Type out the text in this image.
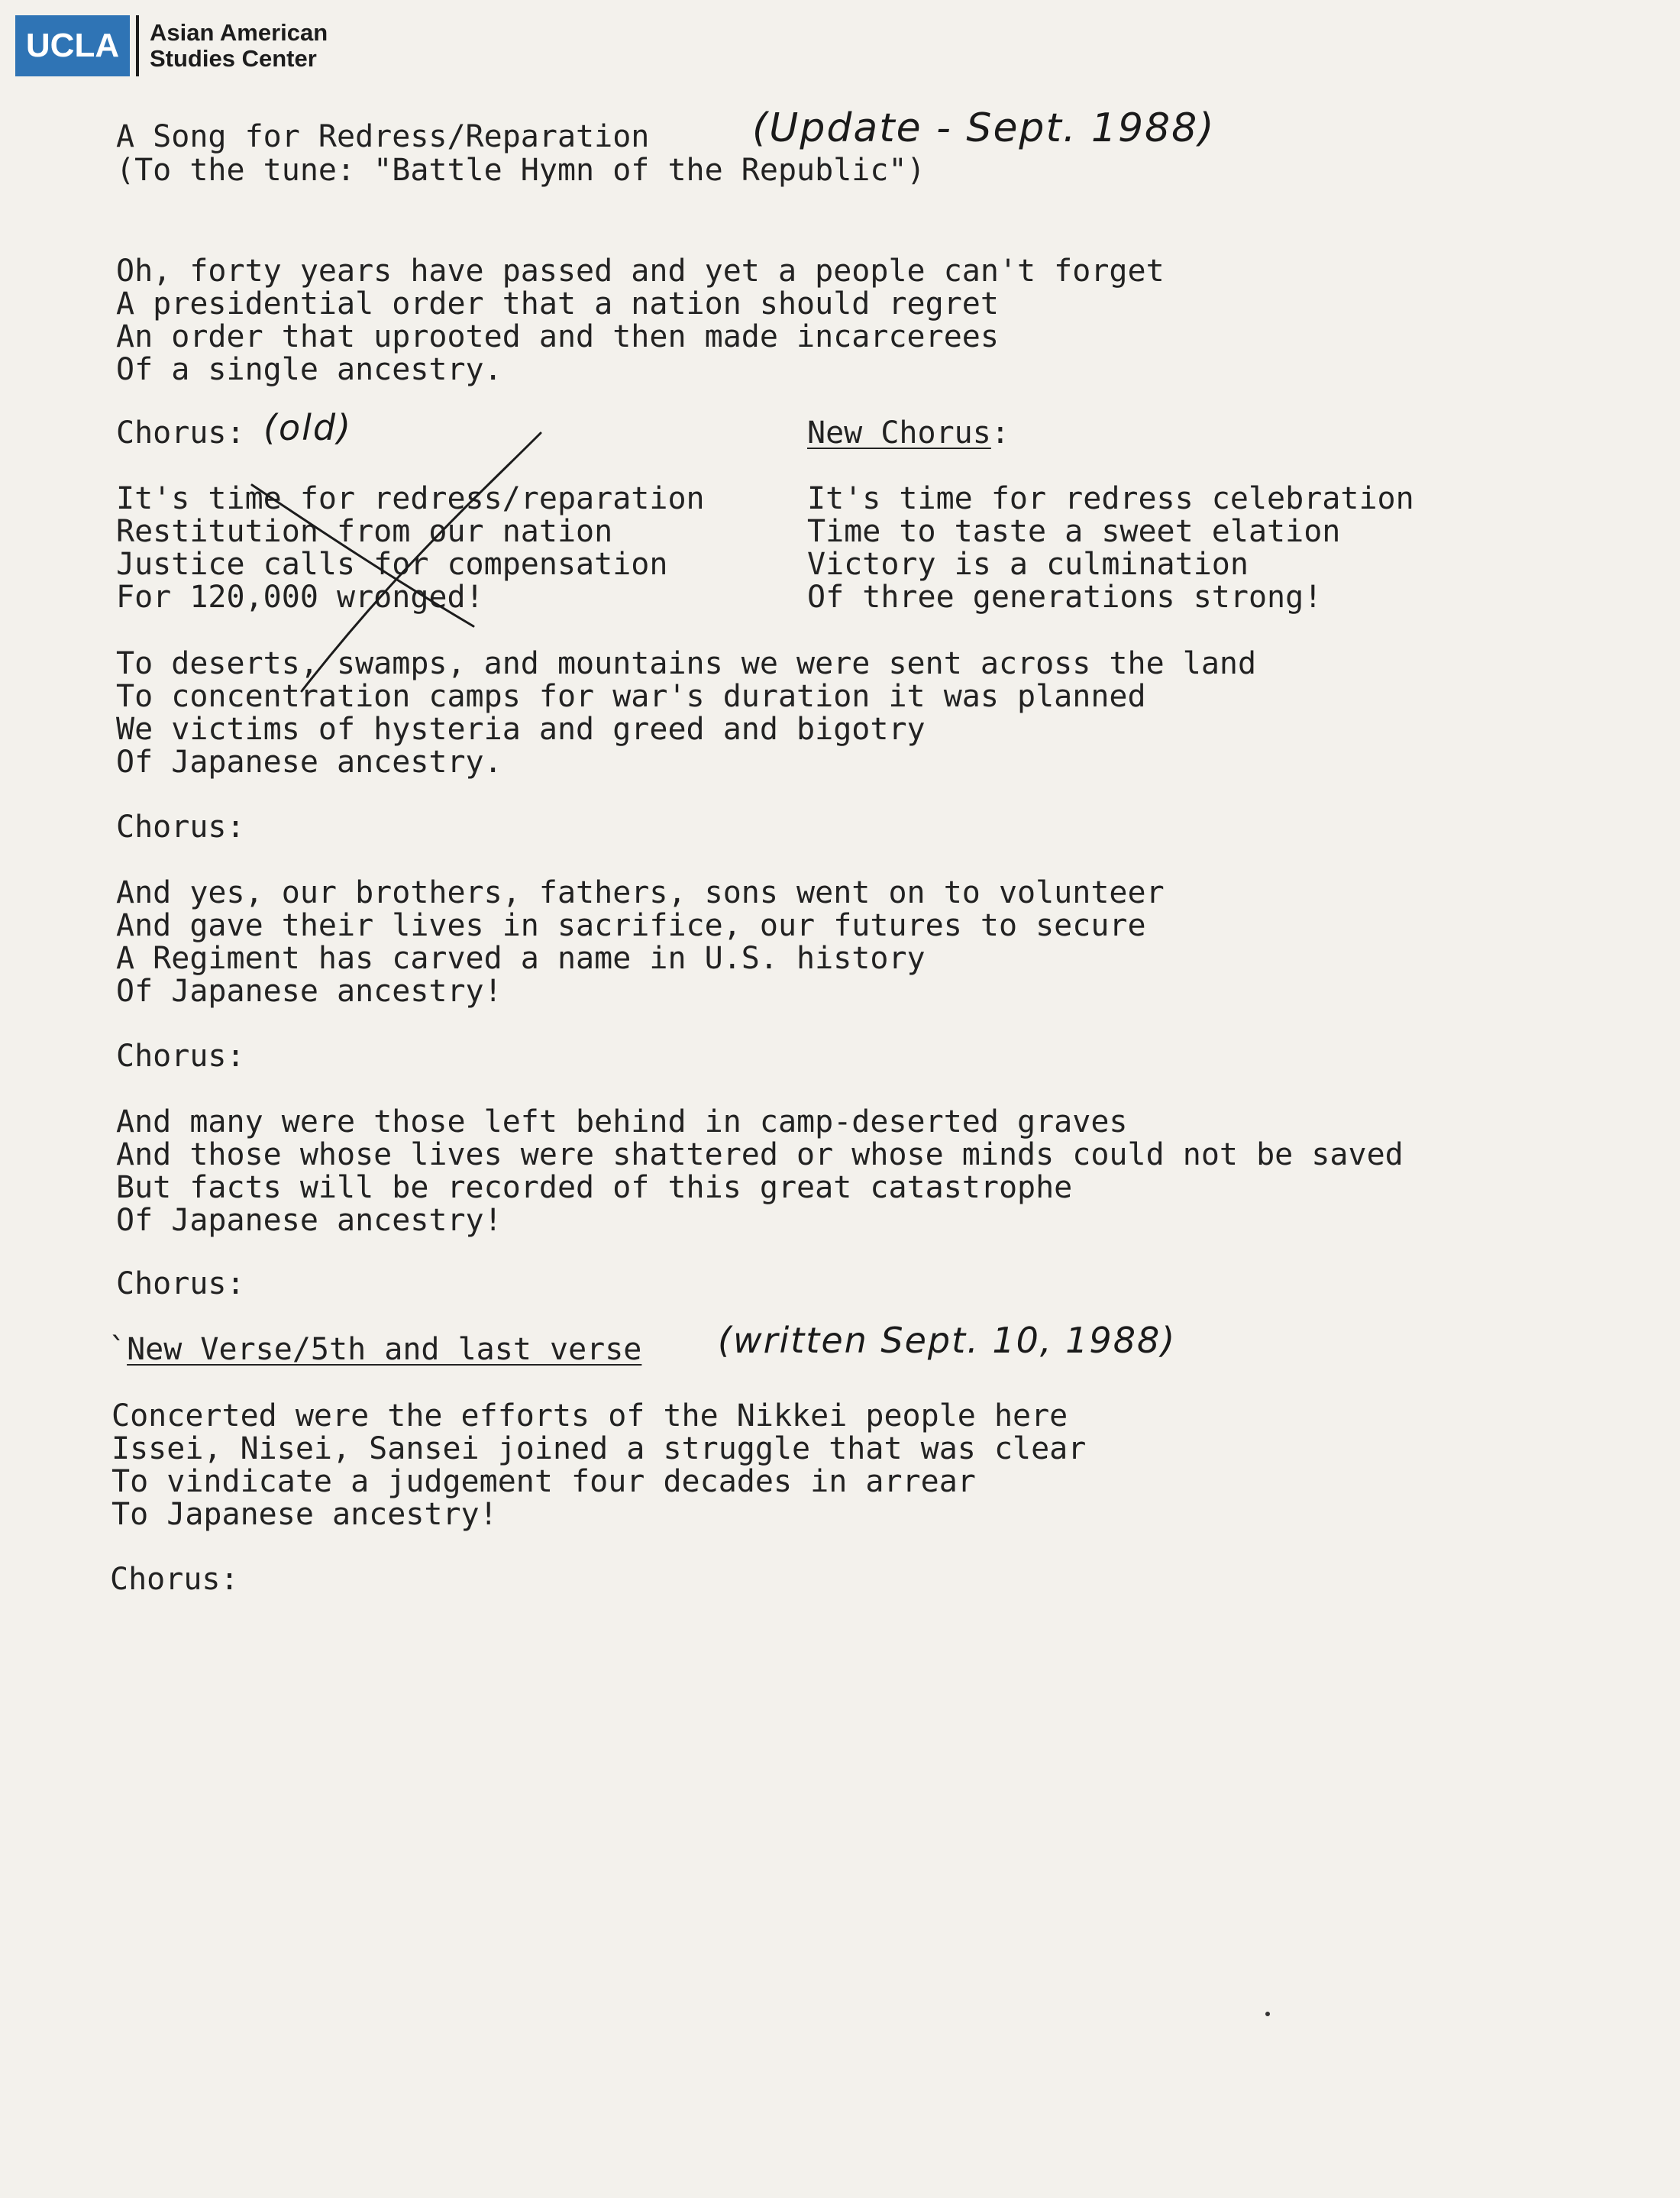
UCLA	Asian American
Studies Center

A Song for Redress/Reparation

(To the tune: "Battle Hymn of the Republic")

(Update - Sept. 1988)
Oh, forty years have passed and yet a people can't forget
A presidential order that a nation should regret
An order that uprooted and then made incarcerees
Of a single ancestry.

Chorus: (old)
It's time for redress/reparation
Restitution from our nation
Justice calls for compensation
For 120,000 wronged!

New Chorus:

It's time for redress celebration
Time to taste a sweet elation
Victory is a culmination
Of three generations strong!
To deserts, swamps, and mountains we were sent across the land
To concentration camps for war's duration it was planned
We victims of hysteria and greed and bigotry
Of Japanese ancestry.

Chorus:

And yes, our brothers, fathers, sons went on to volunteer
And gave their lives in sacrifice, our futures to secure
A Regiment has carved a name in U.S. history
Of Japanese ancestry!

Chorus:

And many were those left behind in camp-deserted graves
And those whose lives were shattered or whose minds could not be saved
But facts will be recorded of this great catastrophe
Of Japanese ancestry!

Chorus:

`New Verse/5th and last verse (written Sept. 10, 1988)
Concerted were the efforts of the Nikkei people here
Issei, Nisei, Sansei joined a struggle that was clear
To vindicate a judgement four decades in arrear
To Japanese ancestry!

Chorus:
